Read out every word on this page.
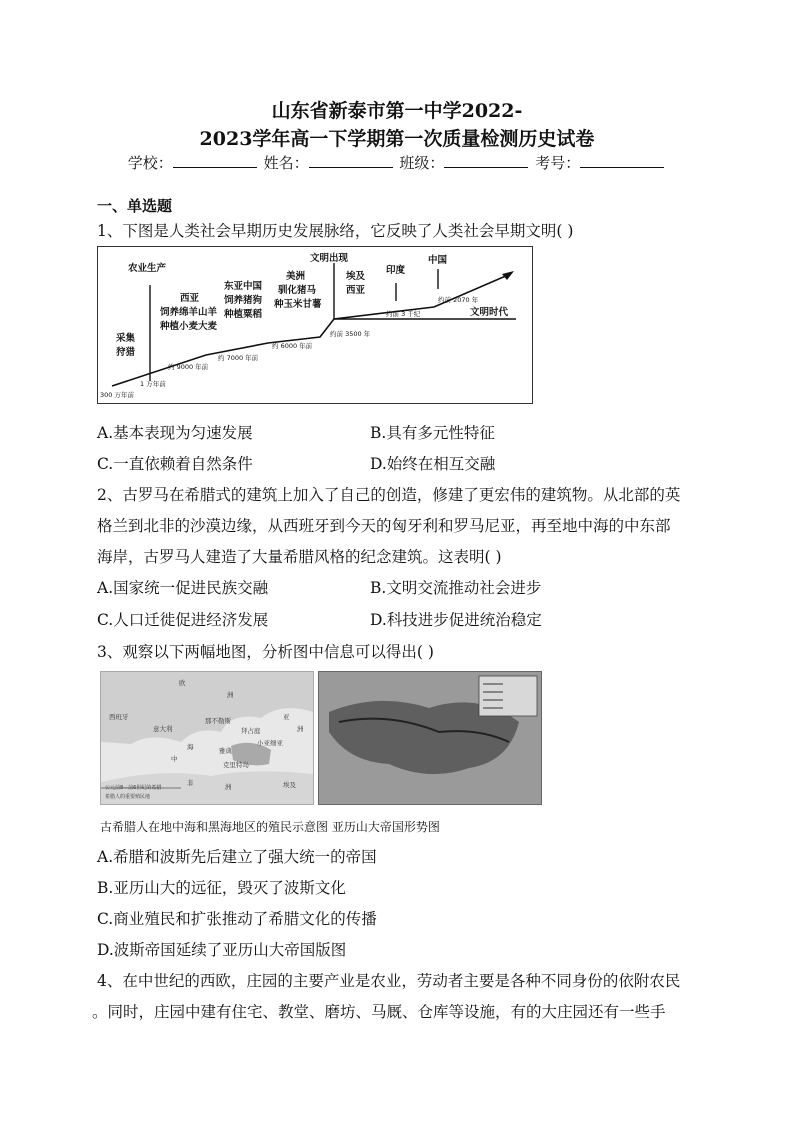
山东省新泰市第一中学2022-
2023学年高一下学期第一次质量检测历史试卷
学校：	姓名：	班级：	考号：
一、单选题
1、下图是人类社会早期历史发展脉络，它反映了人类社会早期文明( )
农业生产
采集
狩猎
西亚
饲养绵羊山羊
种植小麦大麦
东亚中国
饲养猪狗
种植粟稻
美洲
驯化猪马
种玉米甘薯
文明出现
埃及
西亚
印度
中国
文明时代
300 万年前
1 万年前
约 9000 年前
约 7000 年前
约 6000 年前
约前 3500 年
约前 3 千纪
约前 2070 年
A.基本表现为匀速发展	B.具有多元性特征
C.一直依赖着自然条件	D.始终在相互交融
2、古罗马在希腊式的建筑上加入了自己的创造，修建了更宏伟的建筑物。从北部的英
格兰到北非的沙漠边缘，从西班牙到今天的匈牙利和罗马尼亚，再至地中海的中东部
海岸，古罗马人建造了大量希腊风格的纪念建筑。这表明( )
A.国家统一促进民族交融	B.文明交流推动社会进步
C.人口迁徙促进经济发展	D.科技进步促进统治稳定
3、观察以下两幅地图，分析图中信息可以得出( )
欧
洲
西班牙
意大利
那不勒斯
拜占庭
小亚细亚
海
中
亚
洲
雅典
克里特岛
非	洲	埃及
公元前8—前6世纪的希腊
希腊人的重要殖民地
古希腊人在地中海和黑海地区的殖民示意图 亚历山大帝国形势图
A.希腊和波斯先后建立了强大统一的帝国
B.亚历山大的远征，毁灭了波斯文化
C.商业殖民和扩张推动了希腊文化的传播
D.波斯帝国延续了亚历山大帝国版图
4、在中世纪的西欧，庄园的主要产业是农业，劳动者主要是各种不同身份的依附农民
。同时，庄园中建有住宅、教堂、磨坊、马厩、仓库等设施，有的大庄园还有一些手
